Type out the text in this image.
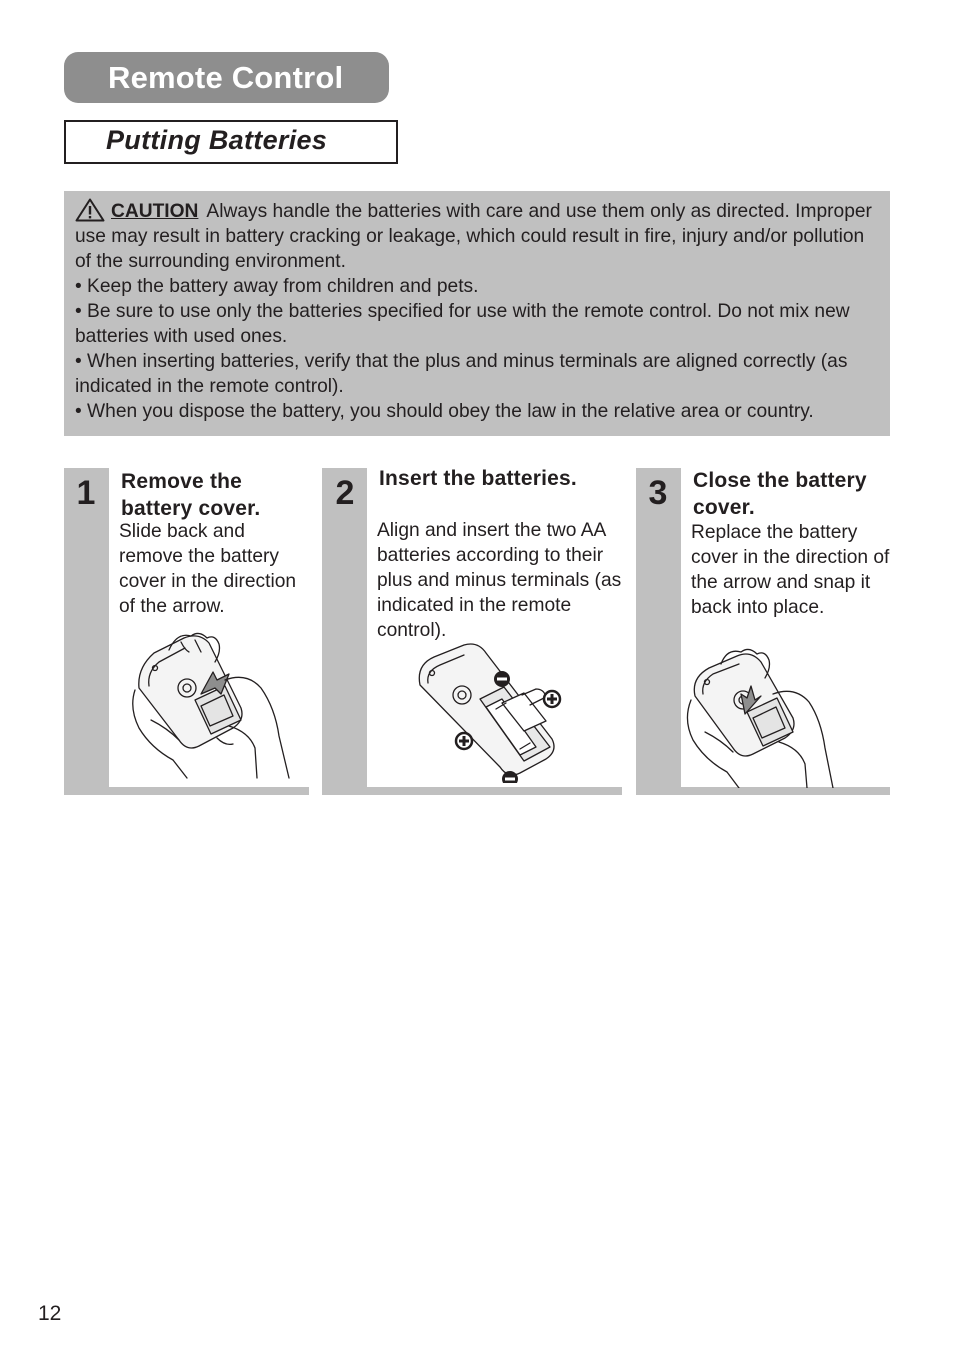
Remote Control
Putting Batteries

CAUTION Always handle the batteries with care and use them only as directed. Improper use may result in battery cracking or leakage, which could result in fire, injury and/or pollution of the surrounding environment.

• Keep the battery away from children and pets.

• Be sure to use only the batteries specified for use with the remote control. Do not mix new batteries with used ones.

• When inserting batteries, verify that the plus and minus terminals are aligned correctly (as indicated in the remote control).

• When you dispose the battery, you should obey the law in the relative area or country.

1 Remove the battery cover.

Slide back and remove the battery cover in the direction of the arrow.

2 Insert the batteries.

Align and insert the two AA batteries according to their plus and minus terminals (as indicated in the remote control).

3 Close the battery cover.

Replace the battery cover in the direction of the arrow and snap it back into place.

12
